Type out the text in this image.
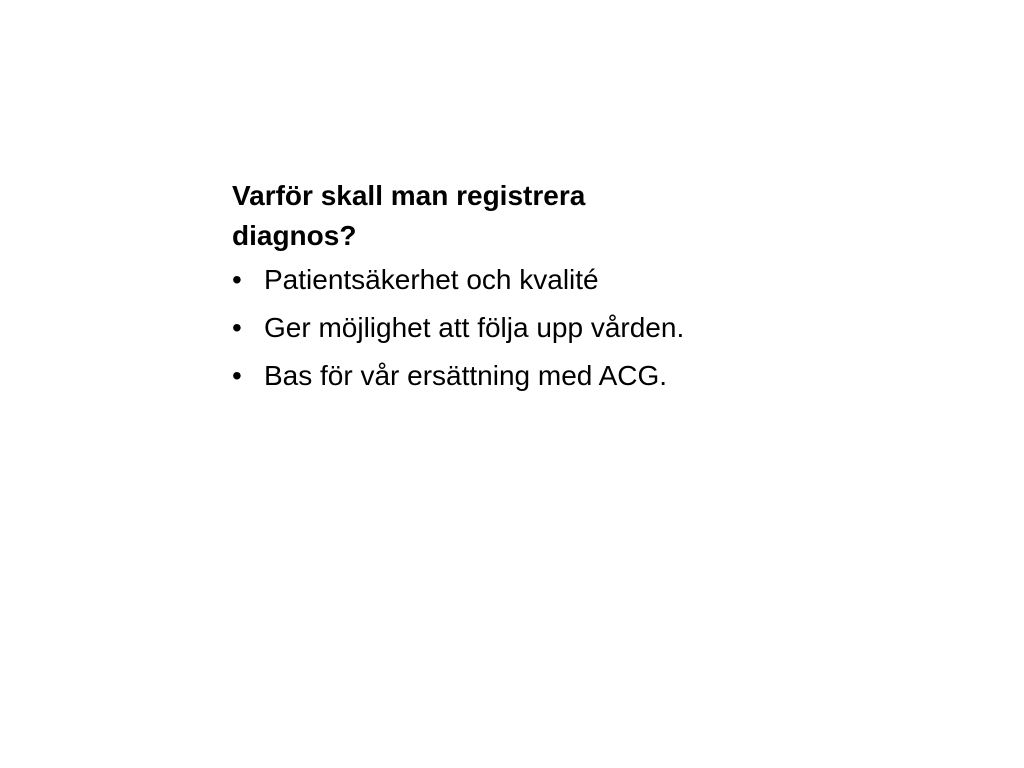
Varför skall man registrera diagnos?

• Patientsäkerhet och kvalité
• Ger möjlighet att följa upp vården.
• Bas för vår ersättning med ACG.
